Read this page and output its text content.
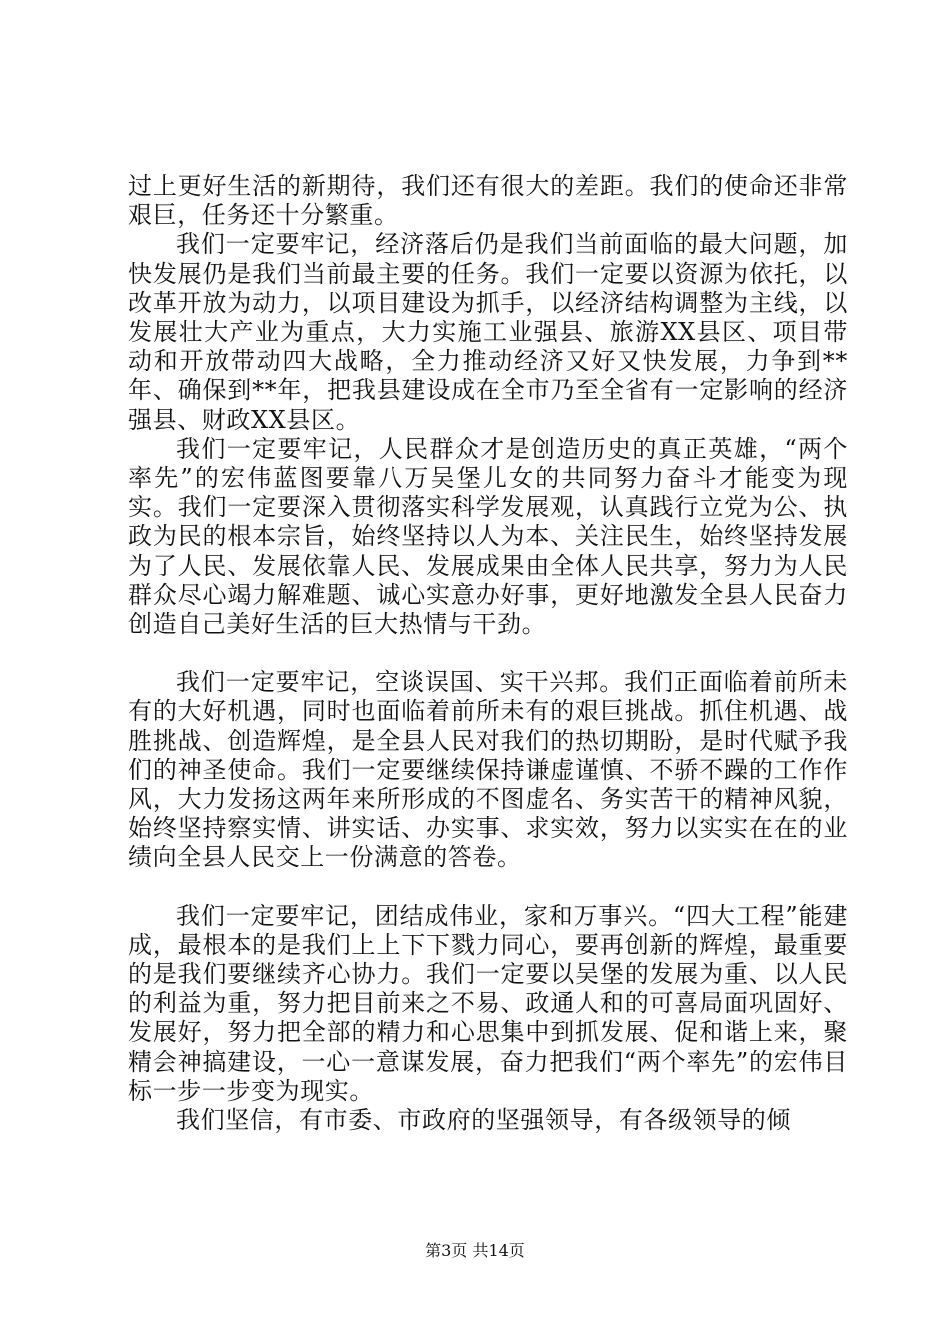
过上更好生活的新期待，我们还有很大的差距。我们的使命还非常艰巨，任务还十分繁重。

我们一定要牢记，经济落后仍是我们当前面临的最大问题，加快发展仍是我们当前最主要的任务。我们一定要以资源为依托，以改革开放为动力，以项目建设为抓手，以经济结构调整为主线，以发展壮大产业为重点，大力实施工业强县、旅游XX县区、项目带动和开放带动四大战略，全力推动经济又好又快发展，力争到**年、确保到**年，把我县建设成在全市乃至全省有一定影响的经济强县、财政XX县区。

我们一定要牢记，人民群众才是创造历史的真正英雄，“两个率先”的宏伟蓝图要靠八万吴堡儿女的共同努力奋斗才能变为现实。我们一定要深入贯彻落实科学发展观，认真践行立党为公、执政为民的根本宗旨，始终坚持以人为本、关注民生，始终坚持发展为了人民、发展依靠人民、发展成果由全体人民共享，努力为人民群众尽心竭力解难题、诚心实意办好事，更好地激发全县人民奋力创造自己美好生活的巨大热情与干劲。

我们一定要牢记，空谈误国、实干兴邦。我们正面临着前所未有的大好机遇，同时也面临着前所未有的艰巨挑战。抓住机遇、战胜挑战、创造辉煌，是全县人民对我们的热切期盼，是时代赋予我们的神圣使命。我们一定要继续保持谦虚谨慎、不骄不躁的工作作风，大力发扬这两年来所形成的不图虚名、务实苦干的精神风貌，始终坚持察实情、讲实话、办实事、求实效，努力以实实在在的业绩向全县人民交上一份满意的答卷。

我们一定要牢记，团结成伟业，家和万事兴。“四大工程”能建成，最根本的是我们上上下下戮力同心，要再创新的辉煌，最重要的是我们要继续齐心协力。我们一定要以吴堡的发展为重、以人民的利益为重，努力把目前来之不易、政通人和的可喜局面巩固好、发展好，努力把全部的精力和心思集中到抓发展、促和谐上来，聚精会神搞建设，一心一意谋发展，奋力把我们“两个率先”的宏伟目标一步一步变为现实。

我们坚信，有市委、市政府的坚强领导，有各级领导的倾

第3页 共14页
